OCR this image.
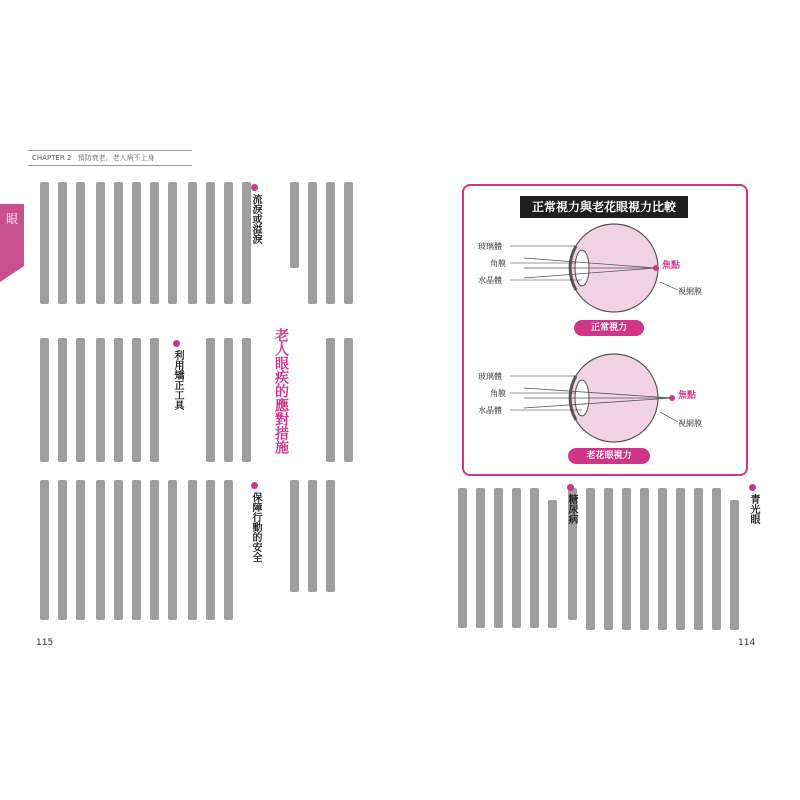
CHAPTER 2 預防衰老，老人病不上身
眼
115	114
老人眼疾的應對措施
流淚或溢淚
利用矯正工具
保障行動的安全	青光眼
糖尿病
正常視力與老花眼視力比較
玻璃體
角膜
水晶體
焦點
視網膜
正常視力
玻璃體
角膜
水晶體
焦點
視網膜
老花眼視力
